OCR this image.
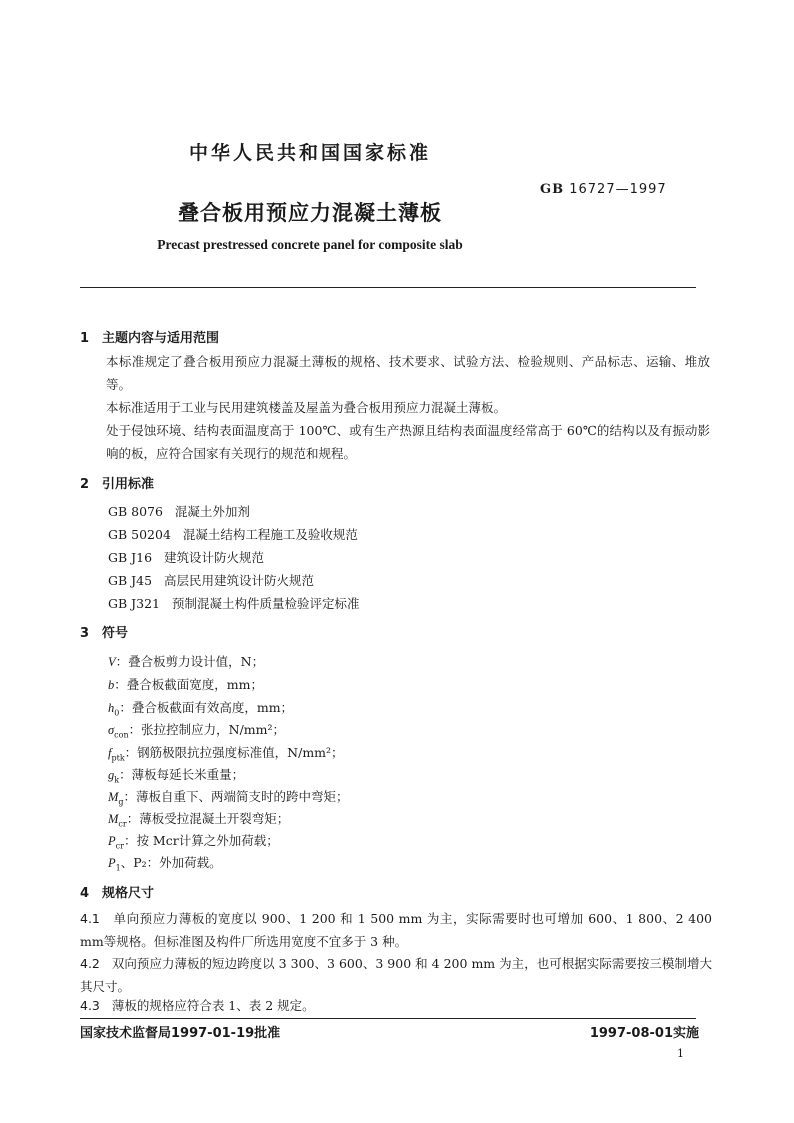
中华人民共和国国家标准
GB 16727—1997
叠合板用预应力混凝土薄板
Precast prestressed concrete panel for composite slab
1 主题内容与适用范围
本标准规定了叠合板用预应力混凝土薄板的规格、技术要求、试验方法、检验规则、产品标志、运输、堆放等。
本标准适用于工业与民用建筑楼盖及屋盖为叠合板用预应力混凝土薄板。
处于侵蚀环境、结构表面温度高于 100℃、或有生产热源且结构表面温度经常高于 60℃的结构以及有振动影响的板，应符合国家有关现行的规范和规程。
2 引用标准
GB 8076 混凝土外加剂
GB 50204 混凝土结构工程施工及验收规范
GB J16 建筑设计防火规范
GB J45 高层民用建筑设计防火规范
GB J321 预制混凝土构件质量检验评定标准
3 符号
V：叠合板剪力设计值，N；
b：叠合板截面宽度，mm；
$h_0$：叠合板截面有效高度，mm；
$\sigma_{con}$：张拉控制应力，N/mm²；
$f_{ptk}$：钢筋极限抗拉强度标准值，N/mm²；
$g_k$：薄板每延长米重量；
$M_g$：薄板自重下、两端简支时的跨中弯矩；
$M_{cr}$：薄板受拉混凝土开裂弯矩；
$P_{cr}$：按 Mcr计算之外加荷载；
$P_1$、P₂：外加荷载。
4 规格尺寸
4.1 单向预应力薄板的宽度以 900、1 200 和 1 500 mm 为主，实际需要时也可增加 600、1 800、2 400 mm等规格。但标准图及构件厂所选用宽度不宜多于 3 种。
4.2 双向预应力薄板的短边跨度以 3 300、3 600、3 900 和 4 200 mm 为主，也可根据实际需要按三模制增大其尺寸。
4.3 薄板的规格应符合表 1、表 2 规定。
国家技术监督局1997-01-19批准	1997-08-01实施
1
